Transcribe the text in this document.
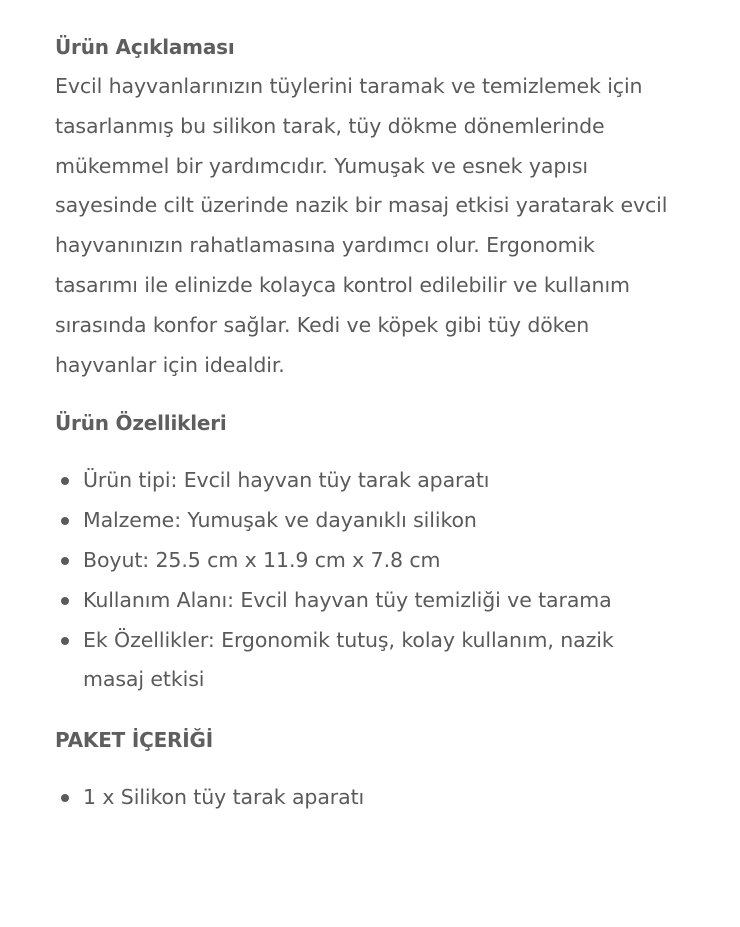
Ürün Açıklaması

Evcil hayvanlarınızın tüylerini taramak ve temizlemek için tasarlanmış bu silikon tarak, tüy dökme dönemlerinde mükemmel bir yardımcıdır. Yumuşak ve esnek yapısı sayesinde cilt üzerinde nazik bir masaj etkisi yaratarak evcil hayvanınızın rahatlamasına yardımcı olur. Ergonomik tasarımı ile elinizde kolayca kontrol edilebilir ve kullanım sırasında konfor sağlar. Kedi ve köpek gibi tüy döken hayvanlar için idealdir.

Ürün Özellikleri
Ürün tipi: Evcil hayvan tüy tarak aparatı
Malzeme: Yumuşak ve dayanıklı silikon
Boyut: 25.5 cm x 11.9 cm x 7.8 cm
Kullanım Alanı: Evcil hayvan tüy temizliği ve tarama
Ek Özellikler: Ergonomik tutuş, kolay kullanım, nazik masaj etkisi
PAKET İÇERİĞİ
1 x Silikon tüy tarak aparatı
